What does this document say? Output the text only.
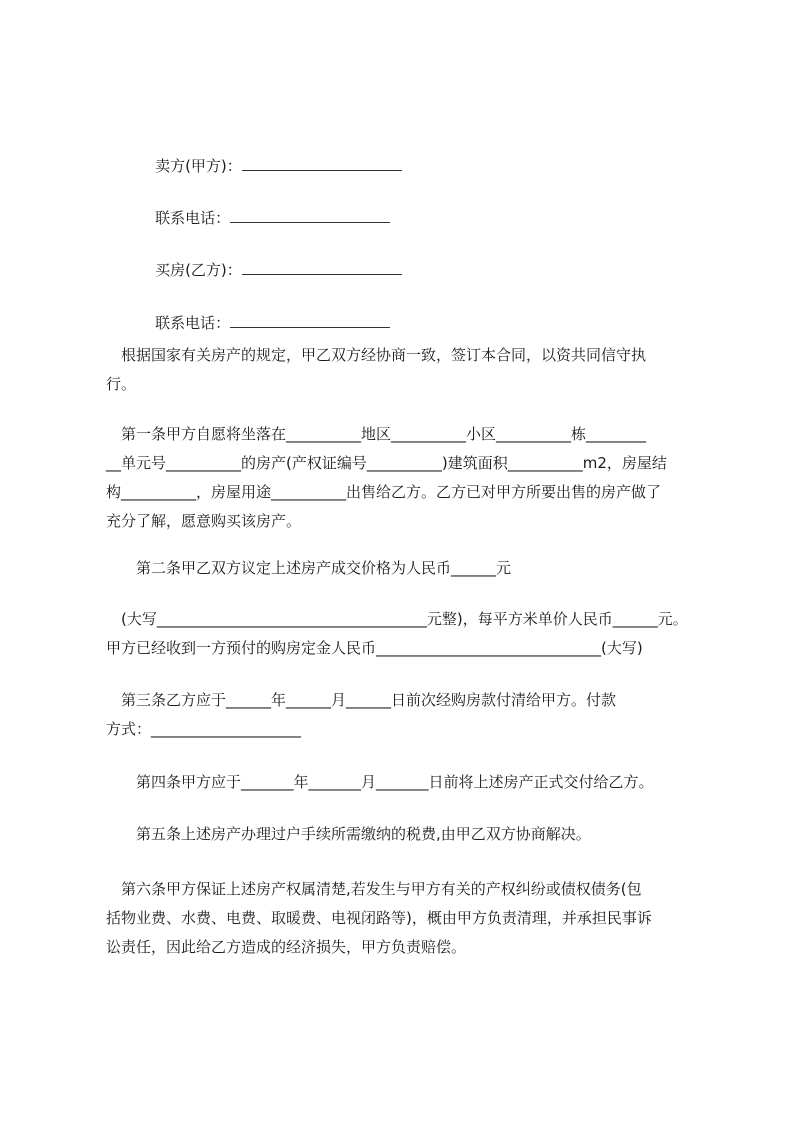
卖方(甲方)：

联系电话：

买房(乙方)：

联系电话：

　根据国家有关房产的规定，甲乙双方经协商一致，签订本合同，以资共同信守执
行。
　第一条甲方自愿将坐落在__________地区__________小区__________栋________
__单元号__________的房产(产权证编号__________)建筑面积__________m2，房屋结
构__________，房屋用途__________出售给乙方。乙方已对甲方所要出售的房产做了
充分了解，愿意购买该房产。
第二条甲乙双方议定上述房产成交价格为人民币______元
　(大写____________________________________元整)，每平方米单价人民币______元。
甲方已经收到一方预付的购房定金人民币______________________________(大写)
　第三条乙方应于______年______月______日前次经购房款付清给甲方。付款
方式：____________________
第四条甲方应于_______年_______月_______日前将上述房产正式交付给乙方。
第五条上述房产办理过户手续所需缴纳的税费,由甲乙双方协商解决。
　第六条甲方保证上述房产权属清楚,若发生与甲方有关的产权纠纷或债权债务(包
括物业费、水费、电费、取暖费、电视闭路等)，概由甲方负责清理，并承担民事诉
讼责任，因此给乙方造成的经济损失，甲方负责赔偿。
